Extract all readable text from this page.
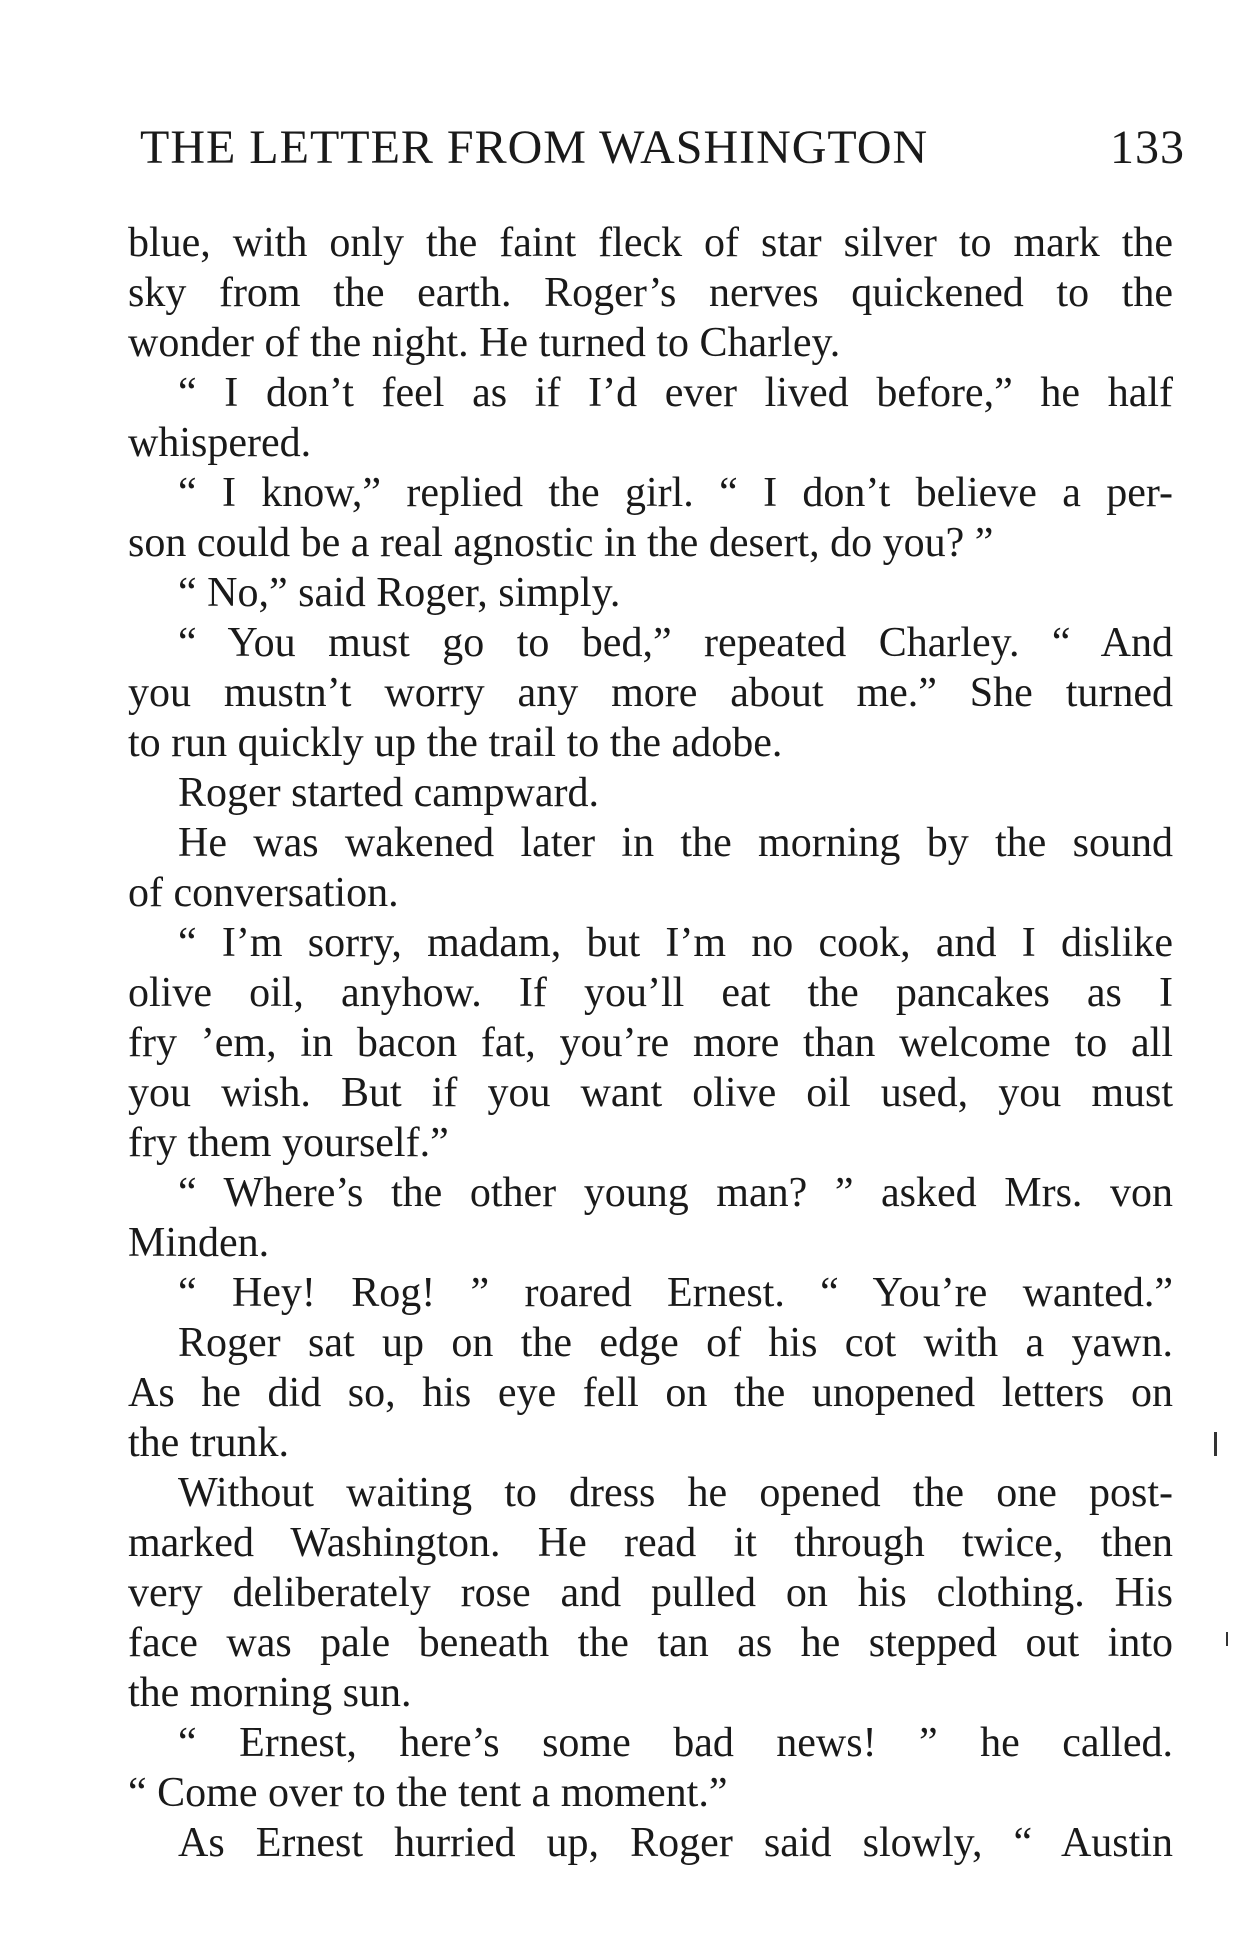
THE LETTER FROM WASHINGTON	133
blue, with only the faint fleck of star silver to mark the
sky from the earth. Roger’s nerves quickened to the
wonder of the night. He turned to Charley.
“ I don’t feel as if I’d ever lived before,” he half
whispered.
“ I know,” replied the girl. “ I don’t believe a per-
son could be a real agnostic in the desert, do you? ”
“ No,” said Roger, simply.
“ You must go to bed,” repeated Charley. “ And
you mustn’t worry any more about me.” She turned
to run quickly up the trail to the adobe.
Roger started campward.
He was wakened later in the morning by the sound
of conversation.
“ I’m sorry, madam, but I’m no cook, and I dislike
olive oil, anyhow. If you’ll eat the pancakes as I
fry ’em, in bacon fat, you’re more than welcome to all
you wish. But if you want olive oil used, you must
fry them yourself.”
“ Where’s the other young man? ” asked Mrs. von
Minden.
“ Hey! Rog! ” roared Ernest. “ You’re wanted.”
Roger sat up on the edge of his cot with a yawn.
As he did so, his eye fell on the unopened letters on
the trunk.
Without waiting to dress he opened the one post-
marked Washington. He read it through twice, then
very deliberately rose and pulled on his clothing. His
face was pale beneath the tan as he stepped out into
the morning sun.
“ Ernest, here’s some bad news! ” he called.
“ Come over to the tent a moment.”
As Ernest hurried up, Roger said slowly, “ Austin
